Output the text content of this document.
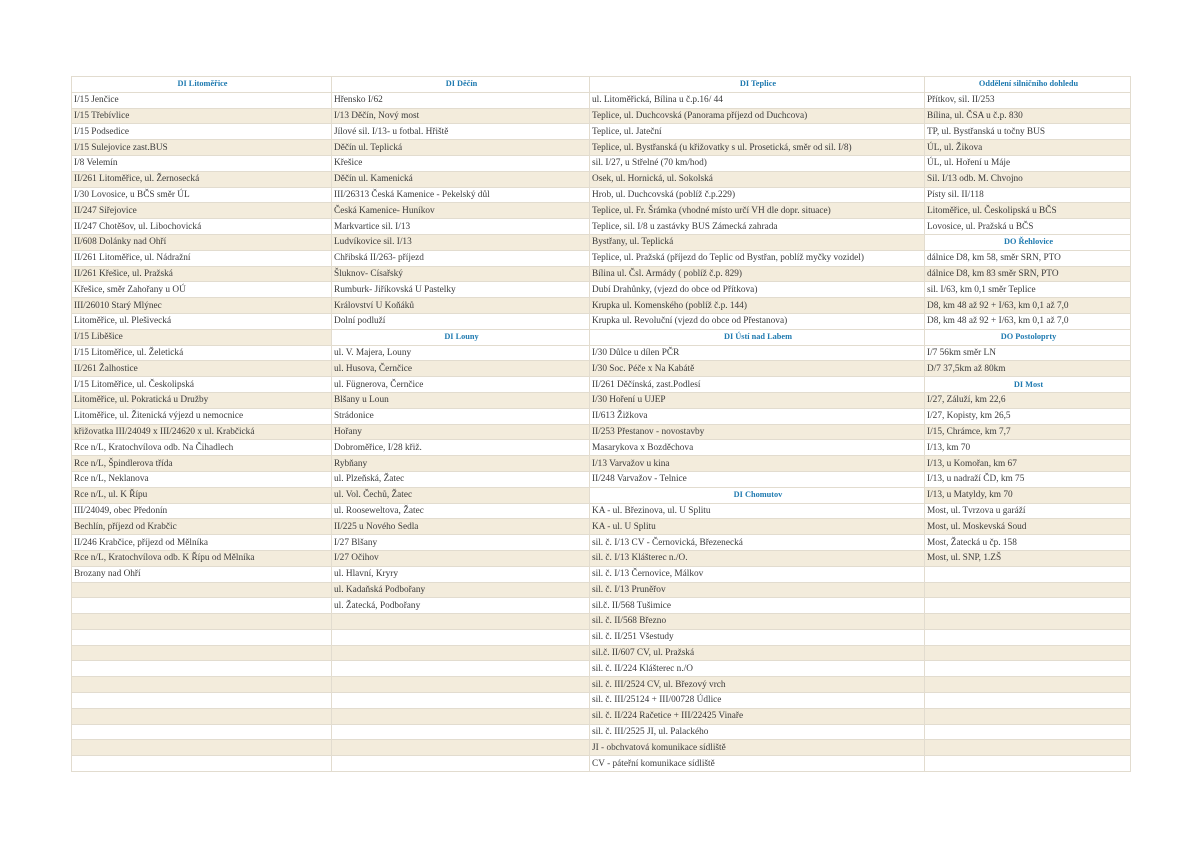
DI Litoměřice	DI Děčín	DI Teplice	Oddělení silničního dohledu
I/15 Jenčice	Hřensko I/62	ul. Litoměřická, Bílina u č.p.16/ 44	Přítkov, sil. II/253
I/15 Třebívlice	I/13 Děčín, Nový most	Teplice, ul. Duchcovská (Panorama příjezd od Duchcova)	Bílina, ul. ČSA u č.p. 830
I/15 Podsedice	Jílové sil. I/13- u fotbal. Hřiště	Teplice, ul. Jateční	TP, ul. Bystřanská u točny BUS
I/15 Sulejovice zast.BUS	Děčín ul. Teplická	Teplice, ul. Bystřanská (u křižovatky s ul. Prosetická, směr od sil. I/8)	ÚL, ul. Žikova
I/8 Velemín	Křešice	sil. I/27, u Střelné (70 km/hod)	ÚL, ul. Hoření u Máje
II/261 Litoměřice, ul. Žernosecká	Děčín ul. Kamenická	Osek, ul. Hornická, ul. Sokolská	Sil. I/13 odb. M. Chvojno
I/30 Lovosice, u BČS směr ÚL	III/26313 Česká Kamenice - Pekelský důl	Hrob, ul. Duchcovská (poblíž č.p.229)	Písty sil. II/118
II/247 Siřejovice	Česká Kamenice- Huníkov	Teplice, ul. Fr. Šrámka (vhodné místo určí VH dle dopr. situace)	Litoměřice, ul. Českolipská u BČS
II/247 Chotěšov, ul. Libochovická	Markvartice sil. I/13	Teplice, sil. I/8 u zastávky BUS Zámecká zahrada	Lovosice, ul. Pražská u BČS
II/608 Dolánky nad Ohří	Ludvíkovice sil. I/13	Bystřany, ul. Teplická	DO Řehlovice
II/261 Litoměřice, ul. Nádražní	Chřibská II/263- příjezd	Teplice, ul. Pražská (příjezd do Teplic od Bystřan, poblíž myčky vozidel)	dálnice D8, km 58, směr SRN, PTO
II/261 Křešice, ul. Pražská	Šluknov- Císařský	Bílina ul. Čsl. Armády ( poblíž č.p. 829)	dálnice D8, km 83 směr SRN, PTO
Křešice, směr Zahořany u OÚ	Rumburk- Jiříkovská U Pastelky	Dubí Drahůnky, (vjezd do obce od Přítkova)	sil. I/63, km 0,1 směr Teplice
III/26010 Starý Mlýnec	Království U Koňáků	Krupka ul. Komenského (poblíž č.p. 144)	D8, km 48 až 92 + I/63, km 0,1 až 7,0
Litoměřice, ul. Plešivecká	Dolní podluží	Krupka ul. Revoluční (vjezd do obce od Přestanova)	D8, km 48 až 92 + I/63, km 0,1 až 7,0
I/15 Liběšice	DI Louny	DI Ústí nad Labem	DO Postoloprty
I/15 Litoměřice, ul. Želetická	ul. V. Majera, Louny	I/30 Důlce u dílen PČR	I/7 56km směr LN
II/261 Žalhostice	ul. Husova, Černčice	I/30 Soc. Péče x Na Kabátě	D/7 37,5km až 80km
I/15 Litoměřice, ul. Českolipská	ul. Fügnerova, Černčice	II/261 Děčínská, zast.Podlesí	DI Most
Litoměřice, ul. Pokratická u Družby	Blšany u Loun	I/30 Hoření u UJEP	I/27, Záluží, km 22,6
Litoměřice, ul. Žitenická výjezd u nemocnice	Strádonice	II/613 Žižkova	I/27, Kopisty, km 26,5
křižovatka III/24049 x III/24620 x ul. Krabčická	Hořany	II/253 Přestanov - novostavby	I/15, Chrámce, km 7,7
Rce n/L, Kratochvílova odb. Na Čihadlech	Dobroměřice, I/28 křiž.	Masarykova x Bozděchova	I/13, km 70
Rce n/L, Špindlerova třída	Rybňany	I/13 Varvažov u kina	I/13, u Komořan, km 67
Rce n/L, Neklanova	ul. Plzeňská, Žatec	II/248 Varvažov - Telnice	I/13, u nadraží ČD, km 75
Rce n/L, ul. K Řípu	ul. Vol. Čechů, Žatec	DI Chomutov	I/13, u Matyldy, km 70
III/24049, obec Předonín	ul. Rooseweltova, Žatec	KA - ul. Březinova, ul. U Splitu	Most, ul. Tvrzova u garáží
Bechlín, příjezd od Krabčic	II/225 u Nového Sedla	KA - ul. U Splitu	Most, ul. Moskevská Soud
II/246 Krabčice, příjezd od Mělníka	I/27 Blšany	sil. č. I/13 CV - Černovická, Březenecká	Most, Žatecká u čp. 158
Rce n/L, Kratochvílova odb. K Řípu od Mělníka	I/27 Očihov	sil. č. I/13 Klášterec n./O.	Most, ul. SNP, 1.ZŠ
Brozany nad Ohří	ul. Hlavní, Kryry	sil. č. I/13 Černovice, Málkov	
	ul. Kadaňská Podbořany	sil. č. I/13 Pruněřov	
	ul. Žatecká, Podbořany	sil.č. II/568 Tušimice	
		sil. č. II/568 Březno	
		sil. č. II/251 Všestudy	
		sil.č. II/607 CV, ul. Pražská	
		sil. č. II/224 Klášterec n./O	
		sil. č. III/2524 CV, ul. Březový vrch	
		sil. č. III/25124 + III/00728 Údlice	
		sil. č. II/224 Račetice + III/22425 Vinaře	
		sil. č. III/2525 JI, ul. Palackého	
		JI - obchvatová komunikace sídliště	
		CV - páteřní komunikace sídliště	
